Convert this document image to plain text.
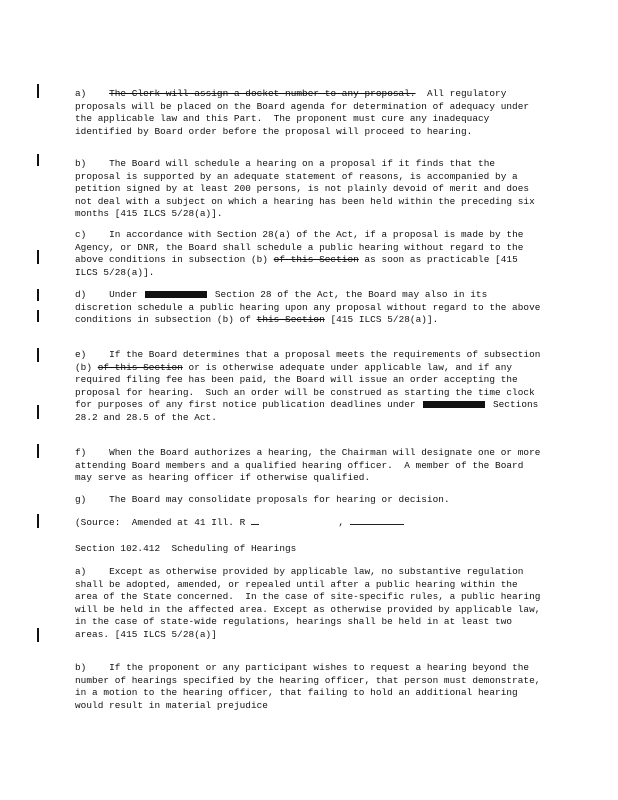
a) The Clerk will assign a docket number to any proposal. All regulatory proposals will be placed on the Board agenda for determination of adequacy under the applicable law and this Part.  The proponent must cure any inadequacy identified by Board order before the proposal will proceed to hearing.

b) The Board will schedule a hearing on a proposal if it finds that the proposal is supported by an adequate statement of reasons, is accompanied by a petition signed by at least 200 persons, is not plainly devoid of merit and does not deal with a subject on which a hearing has been held within the preceding six months [415 ILCS 5/28(a)].

c) In accordance with Section 28(a) of the Act, if a proposal is made by the Agency, or DNR, the Board shall schedule a public hearing without regard to the above conditions in subsection (b) of this Section as soon as practicable [415 ILCS 5/28(a)].

d) Under	Section 28 of the Act, the Board may also in its discretion schedule a public hearing upon any proposal without regard to the above conditions in subsection (b) of this Section [415 ILCS 5/28(a)].

e) If the Board determines that a proposal meets the requirements of subsection (b) of this Section or is otherwise adequate under applicable law, and if any required filing fee has been paid, the Board will issue an order accepting the proposal for hearing.  Such an order will be construed as starting the time clock for purposes of any first notice publication deadlines under	Sections 28.2 and 28.5 of the Act.

f) When the Board authorizes a hearing, the Chairman will designate one or more attending Board members and a qualified hearing officer.  A member of the Board may serve as hearing officer if otherwise qualified.

g) The Board may consolidate proposals for hearing or decision.

(Source:  Amended at 41 Ill. R               ,

Section 102.412  Scheduling of Hearings

a) Except as otherwise provided by applicable law, no substantive regulation shall be adopted, amended, or repealed until after a public hearing within the area of the State concerned.  In the case of site-specific rules, a public hearing will be held in the affected area. Except as otherwise provided by applicable law, in the case of state-wide regulations, hearings shall be held in at least two areas. [415 ILCS 5/28(a)]

b) If the proponent or any participant wishes to request a hearing beyond the number of hearings specified by the hearing officer, that person must demonstrate, in a motion to the hearing officer, that failing to hold an additional hearing would result in material prejudice
